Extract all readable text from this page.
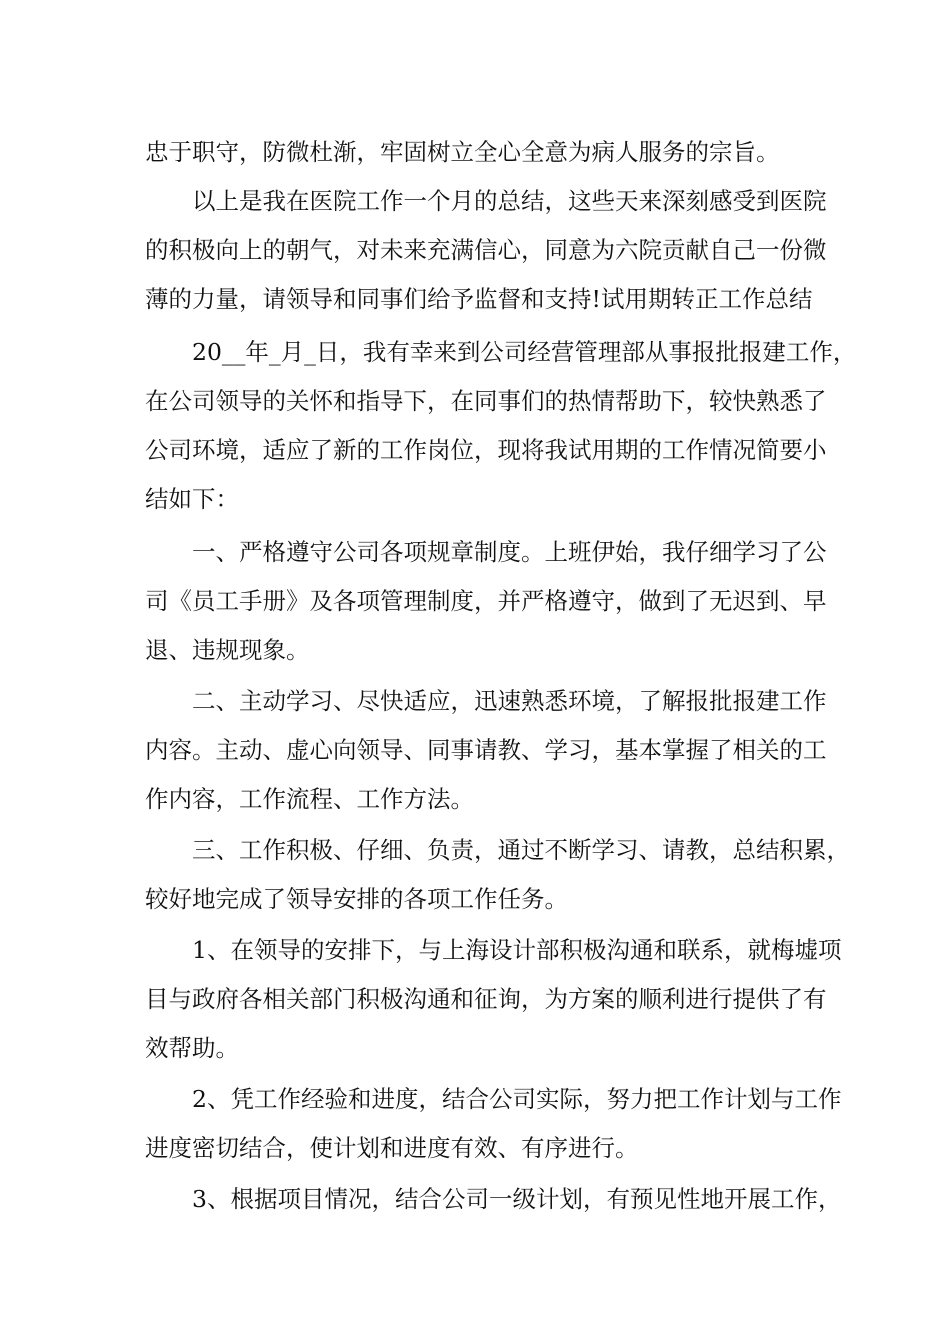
忠于职守，防微杜渐，牢固树立全心全意为病人服务的宗旨。

以上是我在医院工作一个月的总结，这些天来深刻感受到医院

的积极向上的朝气，对未来充满信心，同意为六院贡献自己一份微

薄的力量，请领导和同事们给予监督和支持!试用期转正工作总结

20__年_月_日，我有幸来到公司经营管理部从事报批报建工作，

在公司领导的关怀和指导下，在同事们的热情帮助下，较快熟悉了

公司环境，适应了新的工作岗位，现将我试用期的工作情况简要小

结如下：

一、严格遵守公司各项规章制度。上班伊始，我仔细学习了公

司《员工手册》及各项管理制度，并严格遵守，做到了无迟到、早

退、违规现象。

二、主动学习、尽快适应，迅速熟悉环境，了解报批报建工作

内容。主动、虚心向领导、同事请教、学习，基本掌握了相关的工

作内容，工作流程、工作方法。

三、工作积极、仔细、负责，通过不断学习、请教，总结积累，

较好地完成了领导安排的各项工作任务。

1、在领导的安排下，与上海设计部积极沟通和联系，就梅墟项

目与政府各相关部门积极沟通和征询，为方案的顺利进行提供了有

效帮助。

2、凭工作经验和进度，结合公司实际，努力把工作计划与工作

进度密切结合，使计划和进度有效、有序进行。

3、根据项目情况，结合公司一级计划，有预见性地开展工作，
